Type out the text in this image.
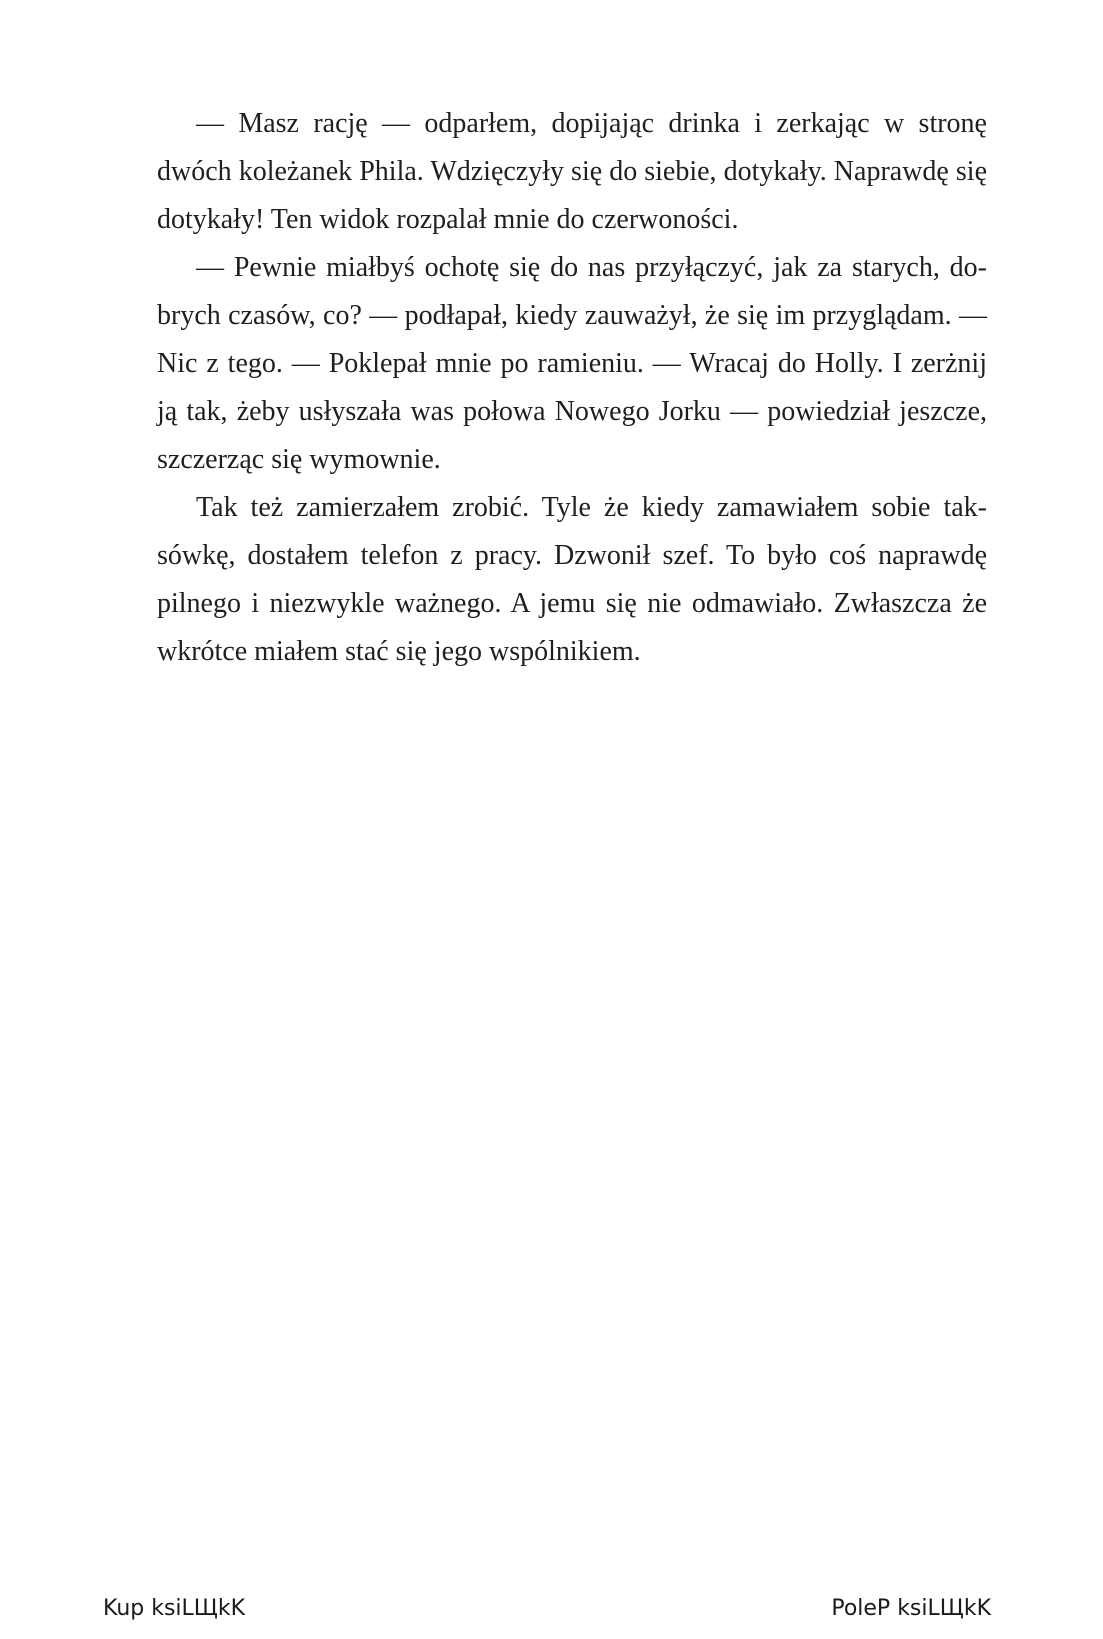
— Masz rację — odparłem, dopijając drinka i zerkając w stronę dwóch koleżanek Phila. Wdzięczyły się do siebie, dotykały. Naprawdę się dotykały! Ten widok rozpalał mnie do czerwoności.

— Pewnie miałbyś ochotę się do nas przyłączyć, jak za starych, dobrych czasów, co? — podłapał, kiedy zauważył, że się im przyglądam. — Nic z tego. — Poklepał mnie po ramieniu. — Wracaj do Holly. I zerżnij ją tak, żeby usłyszała was połowa Nowego Jorku — powiedział jeszcze, szczerząc się wymownie.

Tak też zamierzałem zrobić. Tyle że kiedy zamawiałem sobie taksówkę, dostałem telefon z pracy. Dzwonił szef. To było coś naprawdę pilnego i niezwykle ważnego. A jemu się nie odmawiało. Zwłaszcza że wkrótce miałem stać się jego wspólnikiem.

Kup ksiLЩkK	PoleP ksiLЩkK
